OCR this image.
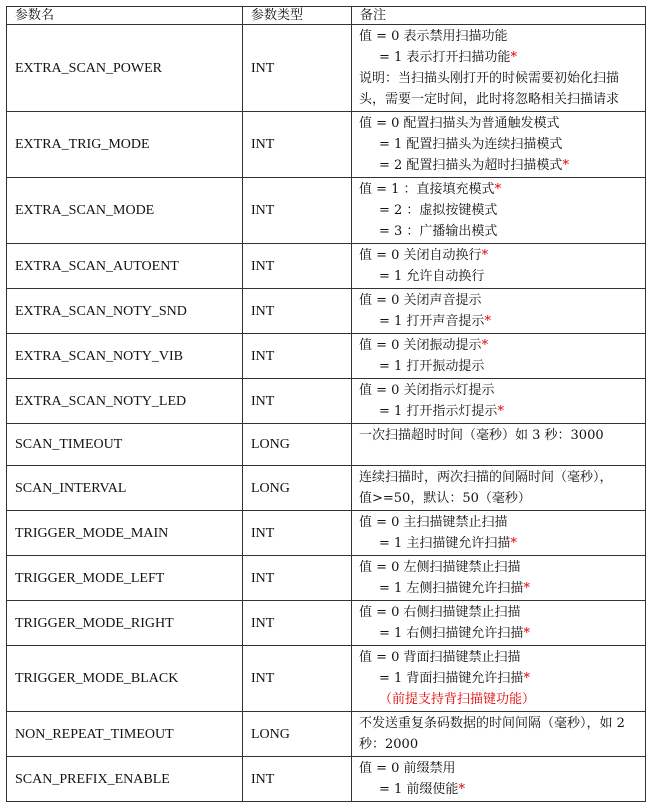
参数名	参数类型	备注
EXTRA_SCAN_POWER	INT	值 = 0 表示禁用扫描功能
= 1 表示打开扫描功能*
说明：当扫描头刚打开的时候需要初始化扫描
头，需要一定时间，此时将忽略相关扫描请求

EXTRA_TRIG_MODE	INT	值 = 0 配置扫描头为普通触发模式
= 1 配置扫描头为连续扫描模式
= 2 配置扫描头为超时扫描模式*

EXTRA_SCAN_MODE	INT	值 = 1 ：直接填充模式*
= 2 ：虚拟按键模式
= 3 ：广播输出模式

EXTRA_SCAN_AUTOENT	INT	值 = 0 关闭自动换行*
= 1 允许自动换行

EXTRA_SCAN_NOTY_SND	INT	值 = 0 关闭声音提示
= 1 打开声音提示*

EXTRA_SCAN_NOTY_VIB	INT	值 = 0 关闭振动提示*
= 1 打开振动提示

EXTRA_SCAN_NOTY_LED	INT	值 = 0 关闭指示灯提示
= 1 打开指示灯提示*

SCAN_TIMEOUT	LONG	一次扫描超时时间（毫秒）如 3 秒：3000

SCAN_INTERVAL	LONG	连续扫描时，两次扫描的间隔时间（毫秒），
值>=50，默认：50（毫秒）

TRIGGER_MODE_MAIN	INT	值 = 0 主扫描键禁止扫描
= 1 主扫描键允许扫描*

TRIGGER_MODE_LEFT	INT	值 = 0 左侧扫描键禁止扫描
= 1 左侧扫描键允许扫描*

TRIGGER_MODE_RIGHT	INT	值 = 0 右侧扫描键禁止扫描
= 1 右侧扫描键允许扫描*

TRIGGER_MODE_BLACK	INT	值 = 0 背面扫描键禁止扫描
= 1 背面扫描键允许扫描*
（前提支持背扫描键功能）

NON_REPEAT_TIMEOUT	LONG	不发送重复条码数据的时间间隔（毫秒），如 2
秒：2000

SCAN_PREFIX_ENABLE	INT	值 = 0 前缀禁用
= 1 前缀使能*
